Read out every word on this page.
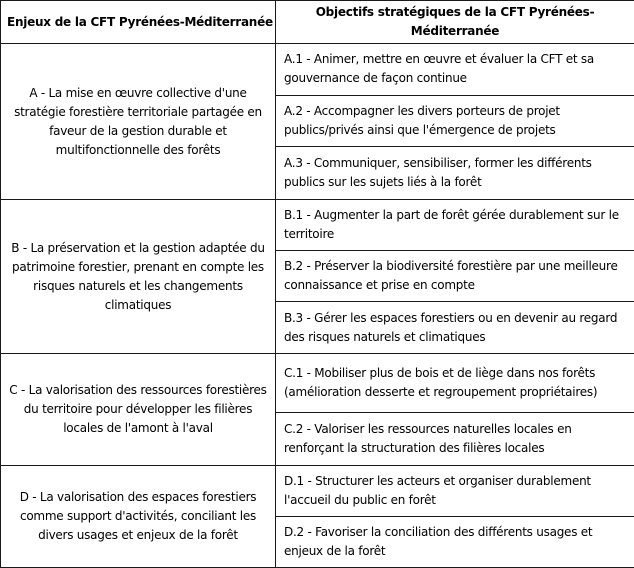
Enjeux de la CFT Pyrénées-Méditerranée	Objectifs stratégiques de la CFT Pyrénées-Méditerranée
A - La mise en œuvre collective d'une stratégie forestière territoriale partagée en faveur de la gestion durable et multifonctionnelle des forêts	A.1 - Animer, mettre en œuvre et évaluer la CFT et sa gouvernance de façon continue
	A.2 - Accompagner les divers porteurs de projet publics/privés ainsi que l'émergence de projets
	A.3 - Communiquer, sensibiliser, former les différents publics sur les sujets liés à la forêt
B - La préservation et la gestion adaptée du patrimoine forestier, prenant en compte les risques naturels et les changements climatiques	B.1 - Augmenter la part de forêt gérée durablement sur le territoire
	B.2 - Préserver la biodiversité forestière par une meilleure connaissance et prise en compte
	B.3 - Gérer les espaces forestiers ou en devenir au regard des risques naturels et climatiques
C - La valorisation des ressources forestières du territoire pour développer les filières locales de l'amont à l'aval	C.1 - Mobiliser plus de bois et de liège dans nos forêts (amélioration desserte et regroupement propriétaires)
	C.2 - Valoriser les ressources naturelles locales en renforçant la structuration des filières locales
D - La valorisation des espaces forestiers comme support d'activités, conciliant les divers usages et enjeux de la forêt	D.1 - Structurer les acteurs et organiser durablement l'accueil du public en forêt
	D.2 - Favoriser la conciliation des différents usages et enjeux de la forêt
